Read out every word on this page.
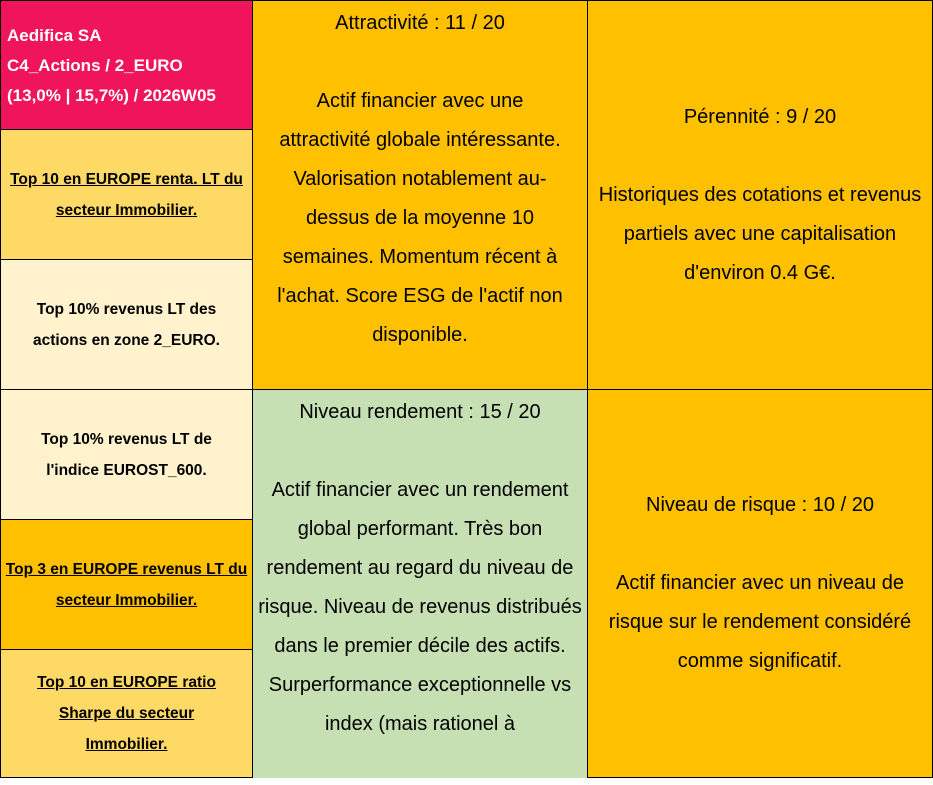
Aedifica SA
C4_Actions / 2_EURO
(13,0% | 15,7%) / 2026W05
Top 10 en EUROPE renta. LT du secteur Immobilier.
Top 10% revenus LT des actions en zone 2_EURO.
Top 10% revenus LT de l'indice EUROST_600.
Top 3 en EUROPE revenus LT du secteur Immobilier.
Top 10 en EUROPE ratio Sharpe du secteur Immobilier.

Attractivité : 11 / 20

Actif financier avec une attractivité globale intéressante. Valorisation notablement au-dessus de la moyenne 10 semaines. Momentum récent à l'achat. Score ESG de l'actif non disponible.

Niveau rendement : 15 / 20

Actif financier avec un rendement global performant. Très bon rendement au regard du niveau de risque. Niveau de revenus distribués dans le premier décile des actifs. Surperformance exceptionnelle vs index (mais rationel à

Pérennité : 9 / 20

Historiques des cotations et revenus partiels avec une capitalisation d'environ 0.4 G€.

Niveau de risque : 10 / 20

Actif financier avec un niveau de risque sur le rendement considéré comme significatif.
